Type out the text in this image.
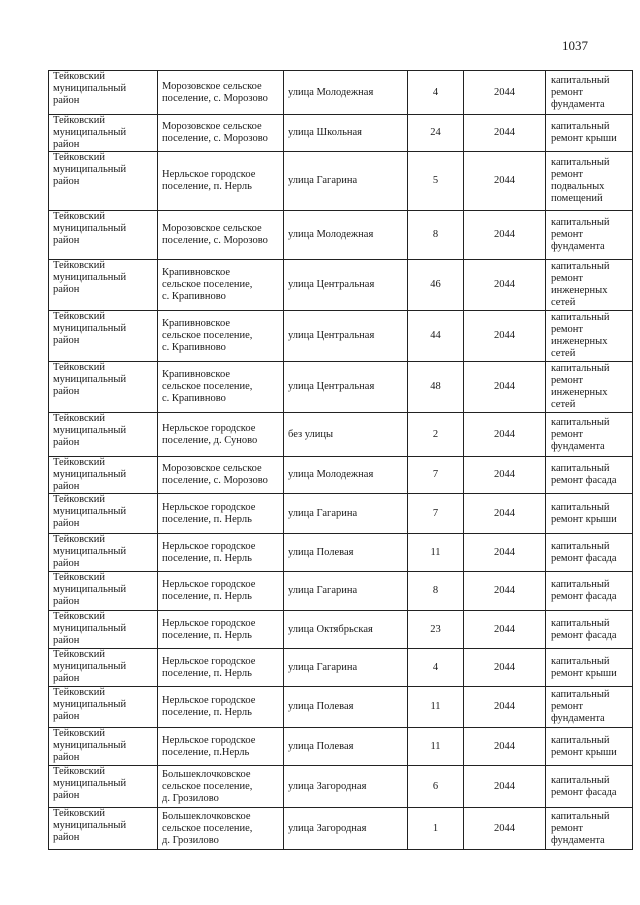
1037
Тейковский
муниципальный
район	Морозовское сельское
поселение, с. Морозово	улица Молодежная	4	2044	капитальный ремонт фундамента
Тейковский
муниципальный
район	Морозовское сельское
поселение, с. Морозово	улица Школьная	24	2044	капитальный ремонт крыши
Тейковский
муниципальный
район	Нерльское городское
поселение, п. Нерль	улица Гагарина	5	2044	капитальный ремонт подвальных помещений
Тейковский
муниципальный
район	Морозовское сельское
поселение, с. Морозово	улица Молодежная	8	2044	капитальный ремонт фундамента
Тейковский
муниципальный
район	Крапивновское
сельское поселение,
с. Крапивново	улица Центральная	46	2044	капитальный ремонт инженерных сетей
Тейковский
муниципальный
район	Крапивновское
сельское поселение,
с. Крапивново	улица Центральная	44	2044	капитальный ремонт инженерных сетей
Тейковский
муниципальный
район	Крапивновское
сельское поселение,
с. Крапивново	улица Центральная	48	2044	капитальный ремонт инженерных сетей
Тейковский
муниципальный
район	Нерльское городское
поселение, д. Суново	без улицы	2	2044	капитальный ремонт фундамента
Тейковский
муниципальный
район	Морозовское сельское
поселение, с. Морозово	улица Молодежная	7	2044	капитальный ремонт фасада
Тейковский
муниципальный
район	Нерльское городское
поселение, п. Нерль	улица Гагарина	7	2044	капитальный ремонт крыши
Тейковский
муниципальный
район	Нерльское городское
поселение, п. Нерль	улица Полевая	11	2044	капитальный ремонт фасада
Тейковский
муниципальный
район	Нерльское городское
поселение, п. Нерль	улица Гагарина	8	2044	капитальный ремонт фасада
Тейковский
муниципальный
район	Нерльское городское
поселение, п. Нерль	улица Октябрьская	23	2044	капитальный ремонт фасада
Тейковский
муниципальный
район	Нерльское городское
поселение, п. Нерль	улица Гагарина	4	2044	капитальный ремонт крыши
Тейковский
муниципальный
район	Нерльское городское
поселение, п. Нерль	улица Полевая	11	2044	капитальный ремонт фундамента
Тейковский
муниципальный
район	Нерльское городское
поселение, п.Нерль	улица Полевая	11	2044	капитальный ремонт крыши
Тейковский
муниципальный
район	Большеклочковское
сельское поселение,
д. Грозилово	улица Загородная	6	2044	капитальный ремонт фасада
Тейковский
муниципальный
район	Большеклочковское
сельское поселение,
д. Грозилово	улица Загородная	1	2044	капитальный ремонт фундамента
